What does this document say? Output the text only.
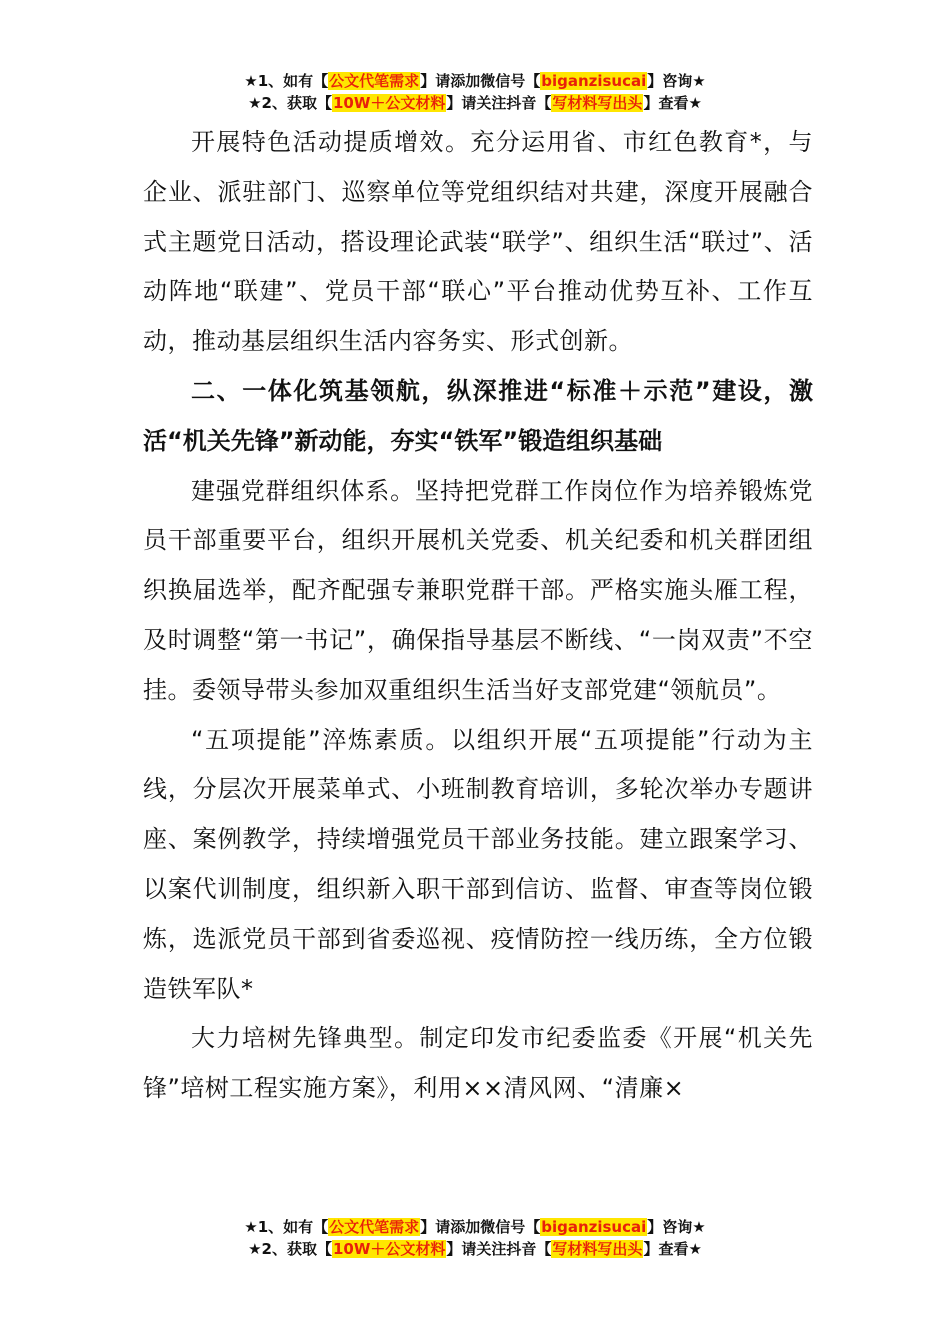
★1、如有【公文代笔需求】请添加微信号【biganzisucai】咨询★
★2、获取【10W＋公文材料】请关注抖音【写材料写出头】查看★

开展特色活动提质增效。充分运用省、市红色教育*，与企业、派驻部门、巡察单位等党组织结对共建，深度开展融合式主题党日活动，搭设理论武装“联学”、组织生活“联过”、活动阵地“联建”、党员干部“联心”平台推动优势互补、工作互动，推动基层组织生活内容务实、形式创新。

二、一体化筑基领航，纵深推进“标准＋示范”建设，激活“机关先锋”新动能，夯实“铁军”锻造组织基础

建强党群组织体系。坚持把党群工作岗位作为培养锻炼党员干部重要平台，组织开展机关党委、机关纪委和机关群团组织换届选举，配齐配强专兼职党群干部。严格实施头雁工程，及时调整“第一书记”，确保指导基层不断线、“一岗双责”不空挂。委领导带头参加双重组织生活当好支部党建“领航员”。

“五项提能”淬炼素质。以组织开展“五项提能”行动为主线，分层次开展菜单式、小班制教育培训，多轮次举办专题讲座、案例教学，持续增强党员干部业务技能。建立跟案学习、以案代训制度，组织新入职干部到信访、监督、审查等岗位锻炼，选派党员干部到省委巡视、疫情防控一线历练，全方位锻造铁军队*

大力培树先锋典型。制定印发市纪委监委《开展“机关先锋”培树工程实施方案》，利用××清风网、“清廉×

★1、如有【公文代笔需求】请添加微信号【biganzisucai】咨询★
★2、获取【10W＋公文材料】请关注抖音【写材料写出头】查看★
